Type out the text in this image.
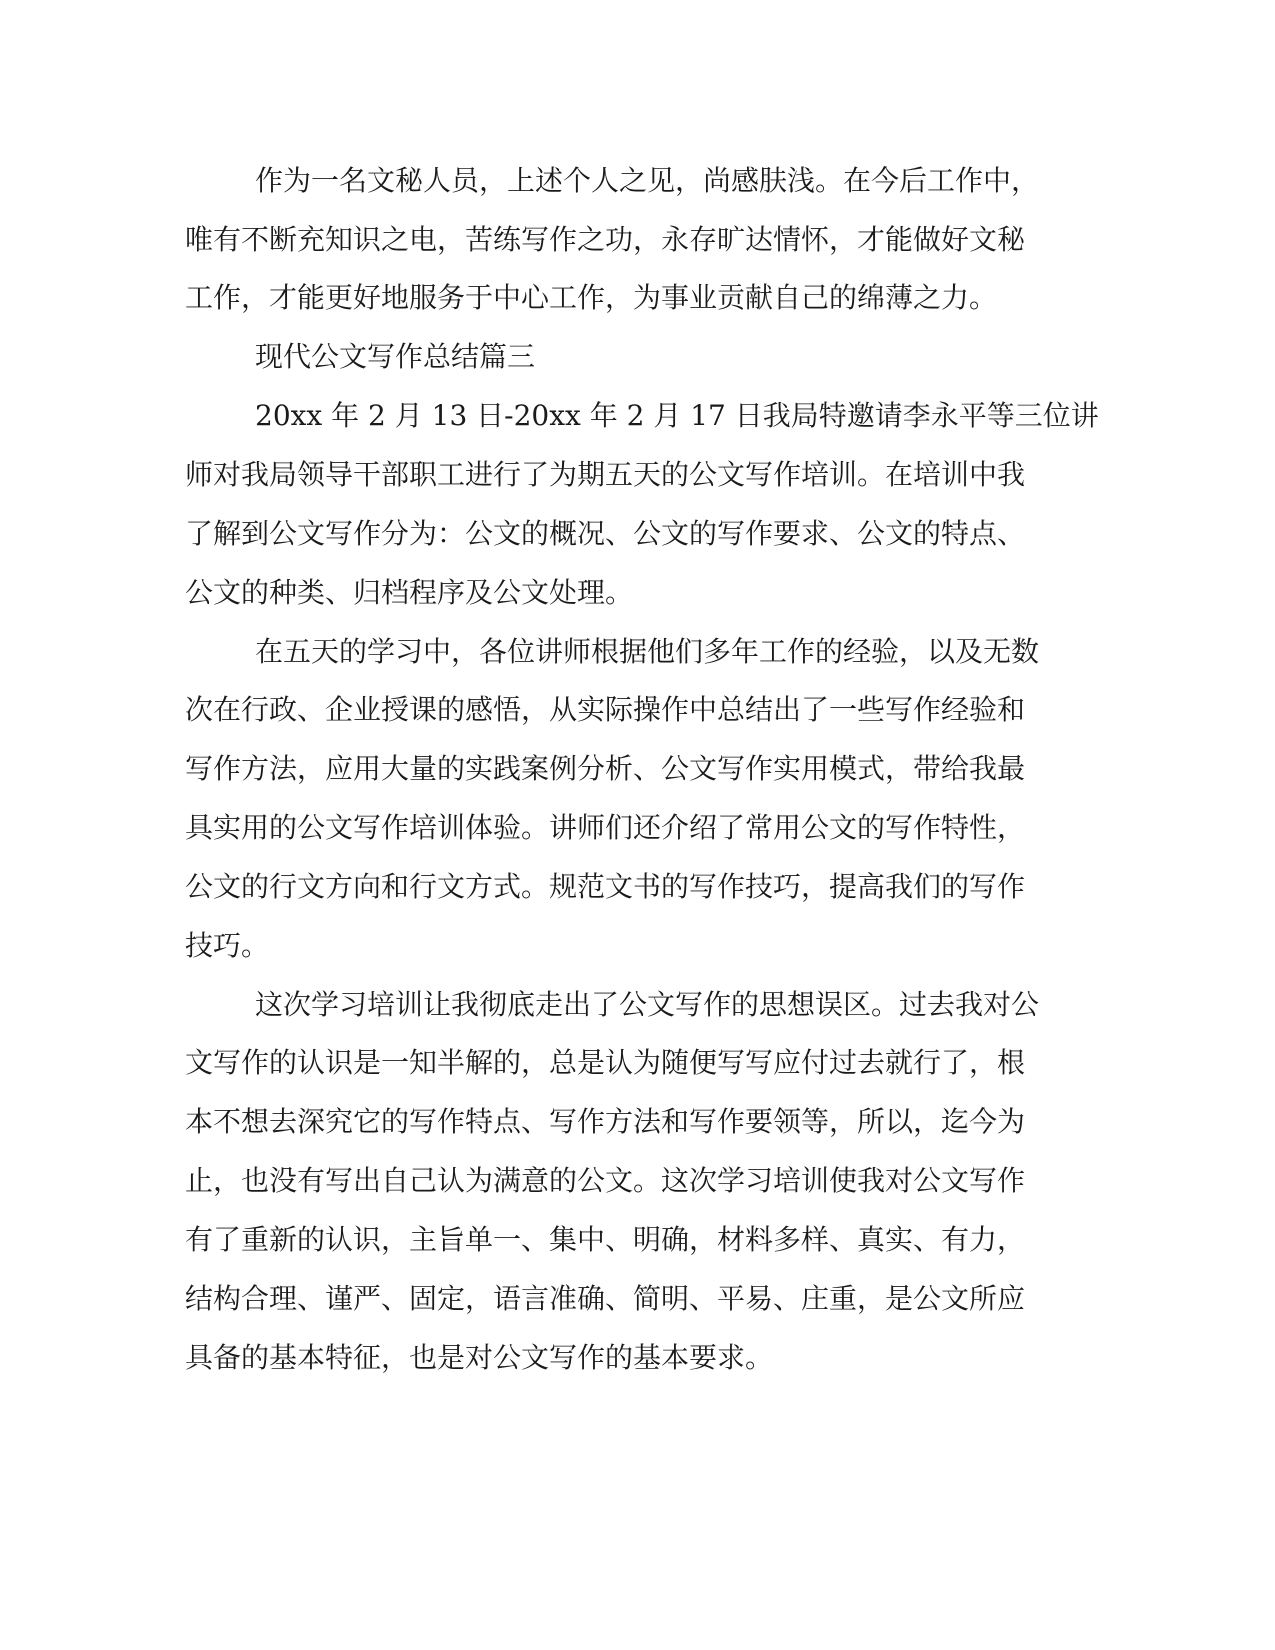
作为一名文秘人员，上述个人之见，尚感肤浅。在今后工作中，

唯有不断充知识之电，苦练写作之功，永存旷达情怀，才能做好文秘

工作，才能更好地服务于中心工作，为事业贡献自己的绵薄之力。

现代公文写作总结篇三

20xx 年 2 月 13 日-20xx 年 2 月 17 日我局特邀请李永平等三位讲

师对我局领导干部职工进行了为期五天的公文写作培训。在培训中我

了解到公文写作分为：公文的概况、公文的写作要求、公文的特点、

公文的种类、归档程序及公文处理。

在五天的学习中，各位讲师根据他们多年工作的经验，以及无数

次在行政、企业授课的感悟，从实际操作中总结出了一些写作经验和

写作方法，应用大量的实践案例分析、公文写作实用模式，带给我最

具实用的公文写作培训体验。讲师们还介绍了常用公文的写作特性，

公文的行文方向和行文方式。规范文书的写作技巧，提高我们的写作

技巧。

这次学习培训让我彻底走出了公文写作的思想误区。过去我对公

文写作的认识是一知半解的，总是认为随便写写应付过去就行了，根

本不想去深究它的写作特点、写作方法和写作要领等，所以，迄今为

止，也没有写出自己认为满意的公文。这次学习培训使我对公文写作

有了重新的认识，主旨单一、集中、明确，材料多样、真实、有力，

结构合理、谨严、固定，语言准确、简明、平易、庄重，是公文所应

具备的基本特征，也是对公文写作的基本要求。
